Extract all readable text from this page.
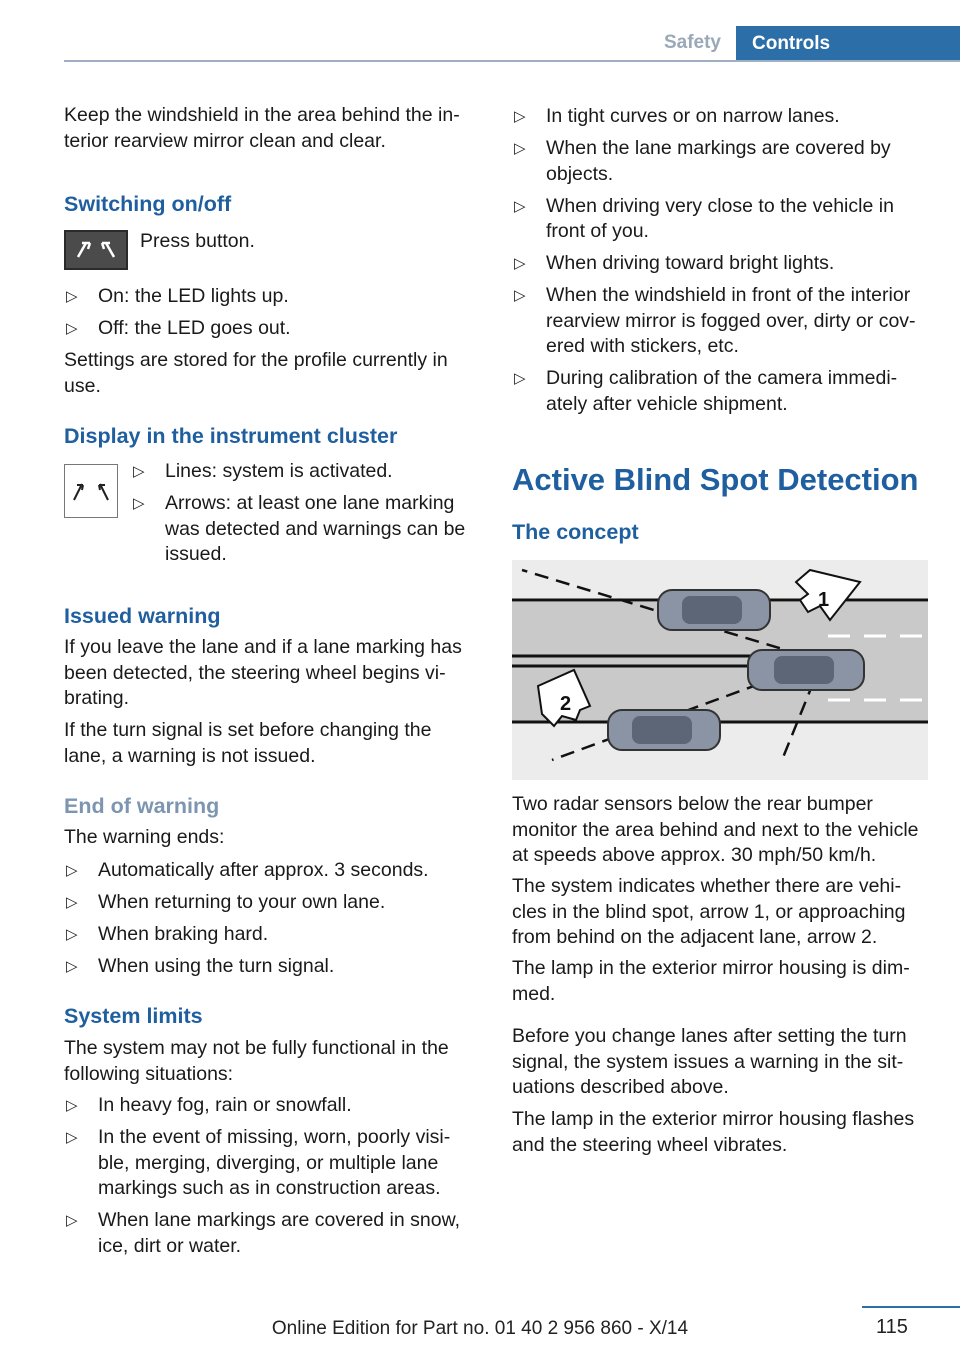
Safety	Controls

Keep the windshield in the area behind the in-terior rearview mirror clean and clear.

Switching on/off

Press button.

▷ On: the LED lights up.
▷ Off: the LED goes out.

Settings are stored for the profile currently in use.

Display in the instrument cluster
▷ Lines: system is activated.
▷ Arrows: at least one lane marking was detected and warnings can be issued.
Issued warning

If you leave the lane and if a lane marking has been detected, the steering wheel begins vi-brating.

If the turn signal is set before changing the lane, a warning is not issued.

End of warning

The warning ends:

▷ Automatically after approx. 3 seconds.
▷ When returning to your own lane.
▷ When braking hard.
▷ When using the turn signal.
System limits

The system may not be fully functional in the following situations:

▷ In heavy fog, rain or snowfall.
▷ In the event of missing, worn, poorly visi-ble, merging, diverging, or multiple lane markings such as in construction areas.
▷ When lane markings are covered in snow, ice, dirt or water.
▷ In tight curves or on narrow lanes.
▷ When the lane markings are covered by objects.
▷ When driving very close to the vehicle in front of you.
▷ When driving toward bright lights.
▷ When the windshield in front of the interior rearview mirror is fogged over, dirty or cov-ered with stickers, etc.
▷ During calibration of the camera immedi-ately after vehicle shipment.
Active Blind Spot Detection
The concept
1
2

Two radar sensors below the rear bumper monitor the area behind and next to the vehicle at speeds above approx. 30 mph/50 km/h.

The system indicates whether there are vehi-cles in the blind spot, arrow 1, or approaching from behind on the adjacent lane, arrow 2.

The lamp in the exterior mirror housing is dim-med.

Before you change lanes after setting the turn signal, the system issues a warning in the sit-uations described above.

The lamp in the exterior mirror housing flashes and the steering wheel vibrates.

115
Online Edition for Part no. 01 40 2 956 860 - X/14
